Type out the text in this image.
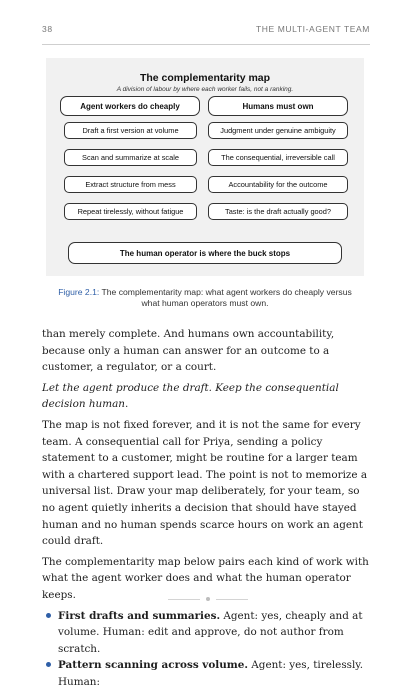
38	THE MULTI-AGENT TEAM
The complementarity map
A division of labour by where each worker fails, not a ranking.
Agent workers do cheaply	Humans must own
Draft a first version at volume
Scan and summarize at scale
Extract structure from mess
Repeat tirelessly, without fatigue
Judgment under genuine ambiguity
The consequential, irreversible call
Accountability for the outcome
Taste: is the draft actually good?
The human operator is where the buck stops
Figure 2.1: The complementarity map: what agent workers do cheaply versus what human operators must own.

than merely complete. And humans own accountability, because only a human can answer for an outcome to a customer, a regulator, or a court.

Let the agent produce the draft. Keep the consequential decision human.

The map is not fixed forever, and it is not the same for every team. A consequential call for Priya, sending a policy statement to a customer, might be routine for a larger team with a chartered support lead. The point is not to memorize a universal list. Draw your map deliberately, for your team, so no agent quietly inherits a decision that should have stayed human and no human spends scarce hours on work an agent could draft.

The complementarity map below pairs each kind of work with what the agent worker does and what the human operator keeps.

First drafts and summaries. Agent: yes, cheaply and at volume. Human: edit and approve, do not author from scratch.
Pattern scanning across volume. Agent: yes, tirelessly. Human:
